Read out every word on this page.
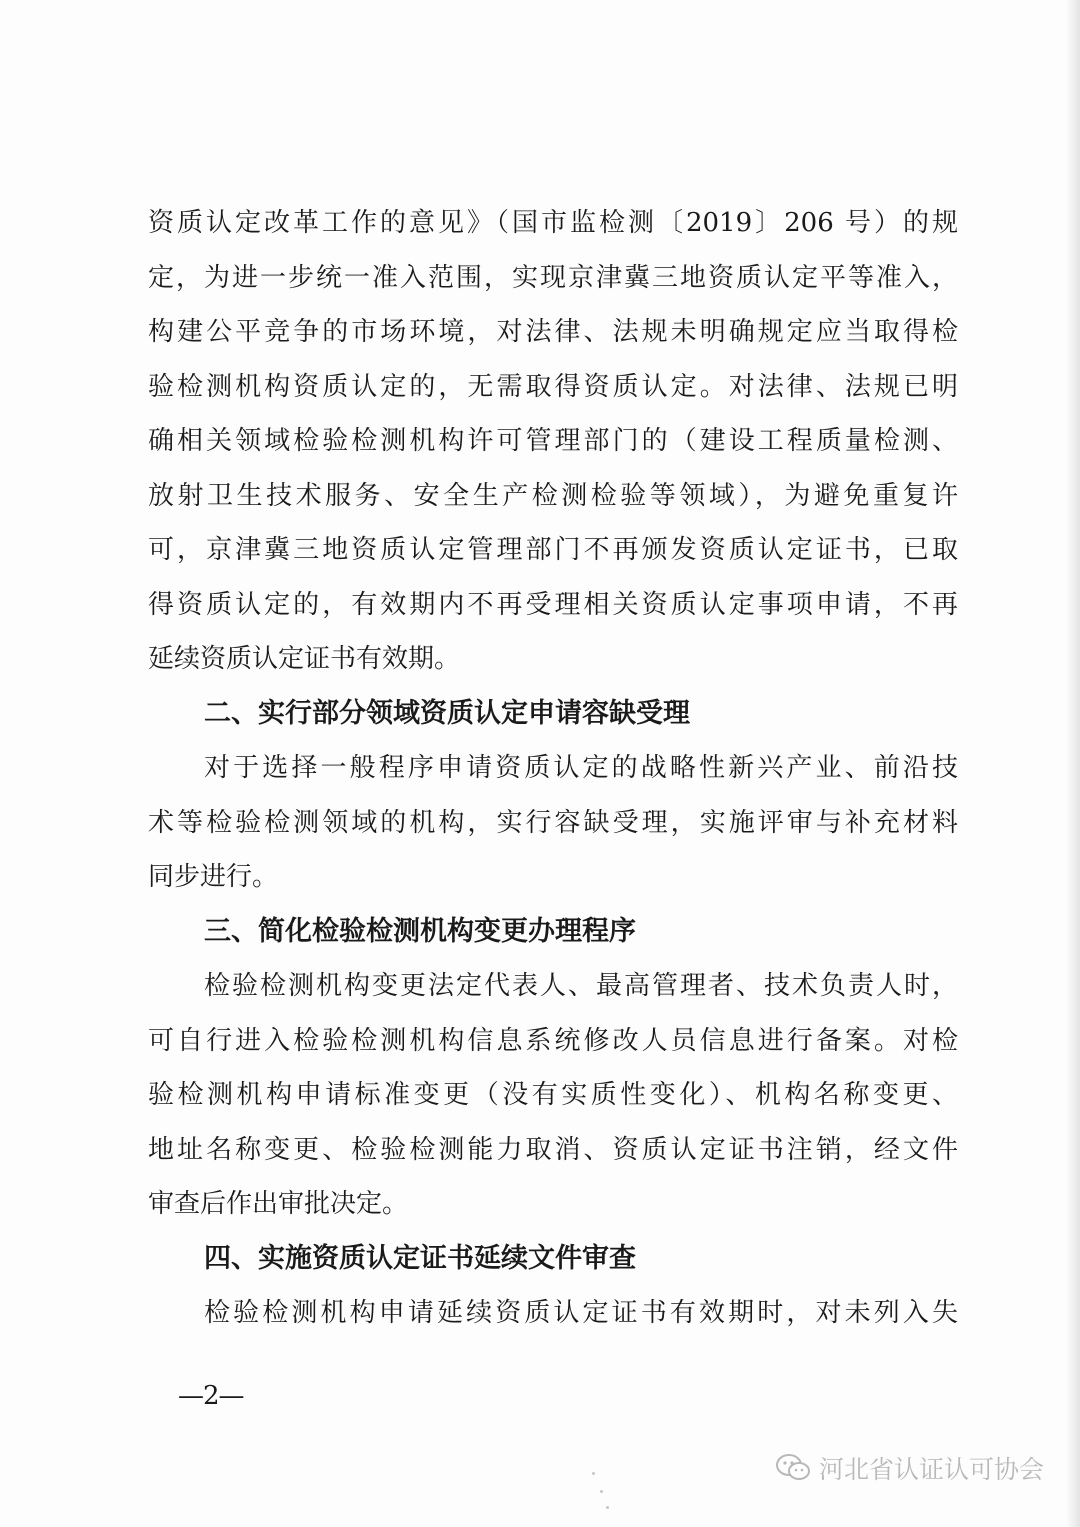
资质认定改革工作的意见》（国市监检测〔2019〕206 号）的规
定，为进一步统一准入范围，实现京津冀三地资质认定平等准入，
构建公平竞争的市场环境，对法律、法规未明确规定应当取得检
验检测机构资质认定的，无需取得资质认定。对法律、法规已明
确相关领域检验检测机构许可管理部门的（建设工程质量检测、
放射卫生技术服务、安全生产检测检验等领域），为避免重复许
可，京津冀三地资质认定管理部门不再颁发资质认定证书，已取
得资质认定的，有效期内不再受理相关资质认定事项申请，不再
延续资质认定证书有效期。
二、实行部分领域资质认定申请容缺受理
对于选择一般程序申请资质认定的战略性新兴产业、前沿技
术等检验检测领域的机构，实行容缺受理，实施评审与补充材料
同步进行。
三、简化检验检测机构变更办理程序
检验检测机构变更法定代表人、最高管理者、技术负责人时，
可自行进入检验检测机构信息系统修改人员信息进行备案。对检
验检测机构申请标准变更（没有实质性变化）、机构名称变更、
地址名称变更、检验检测能力取消、资质认定证书注销，经文件
审查后作出审批决定。
四、实施资质认定证书延续文件审查
检验检测机构申请延续资质认定证书有效期时，对未列入失
—2—
河北省认证认可协会
